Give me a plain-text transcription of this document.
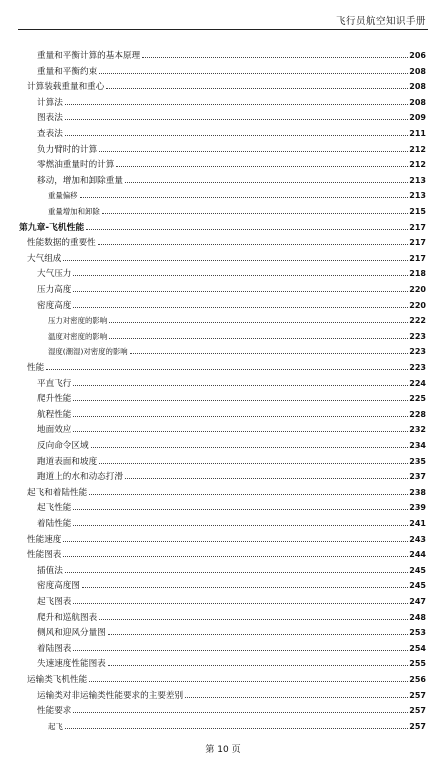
飞行员航空知识手册
重量和平衡计算的基本原理	206
重量和平衡约束	208
计算装载重量和重心	208
计算法	208
图表法	209
查表法	211
负力臂时的计算	212
零燃油重量时的计算	212
移动，增加和卸除重量	213
重量偏移	213
重量增加和卸除	215
第九章-飞机性能	217
性能数据的重要性	217
大气组成	217
大气压力	218
压力高度	220
密度高度	220
压力对密度的影响	222
温度对密度的影响	223
湿度(潮湿)对密度的影响	223
性能	223
平直飞行	224
爬升性能	225
航程性能	228
地面效应	232
反向命令区域	234
跑道表面和坡度	235
跑道上的水和动态打滑	237
起飞和着陆性能	238
起飞性能	239
着陆性能	241
性能速度	243
性能图表	244
插值法	245
密度高度图	245
起飞图表	247
爬升和巡航图表	248
侧风和迎风分量图	253
着陆图表	254
失速速度性能图表	255
运输类飞机性能	256
运输类对非运输类性能要求的主要差别	257
性能要求	257
起飞	257
第 10 页
